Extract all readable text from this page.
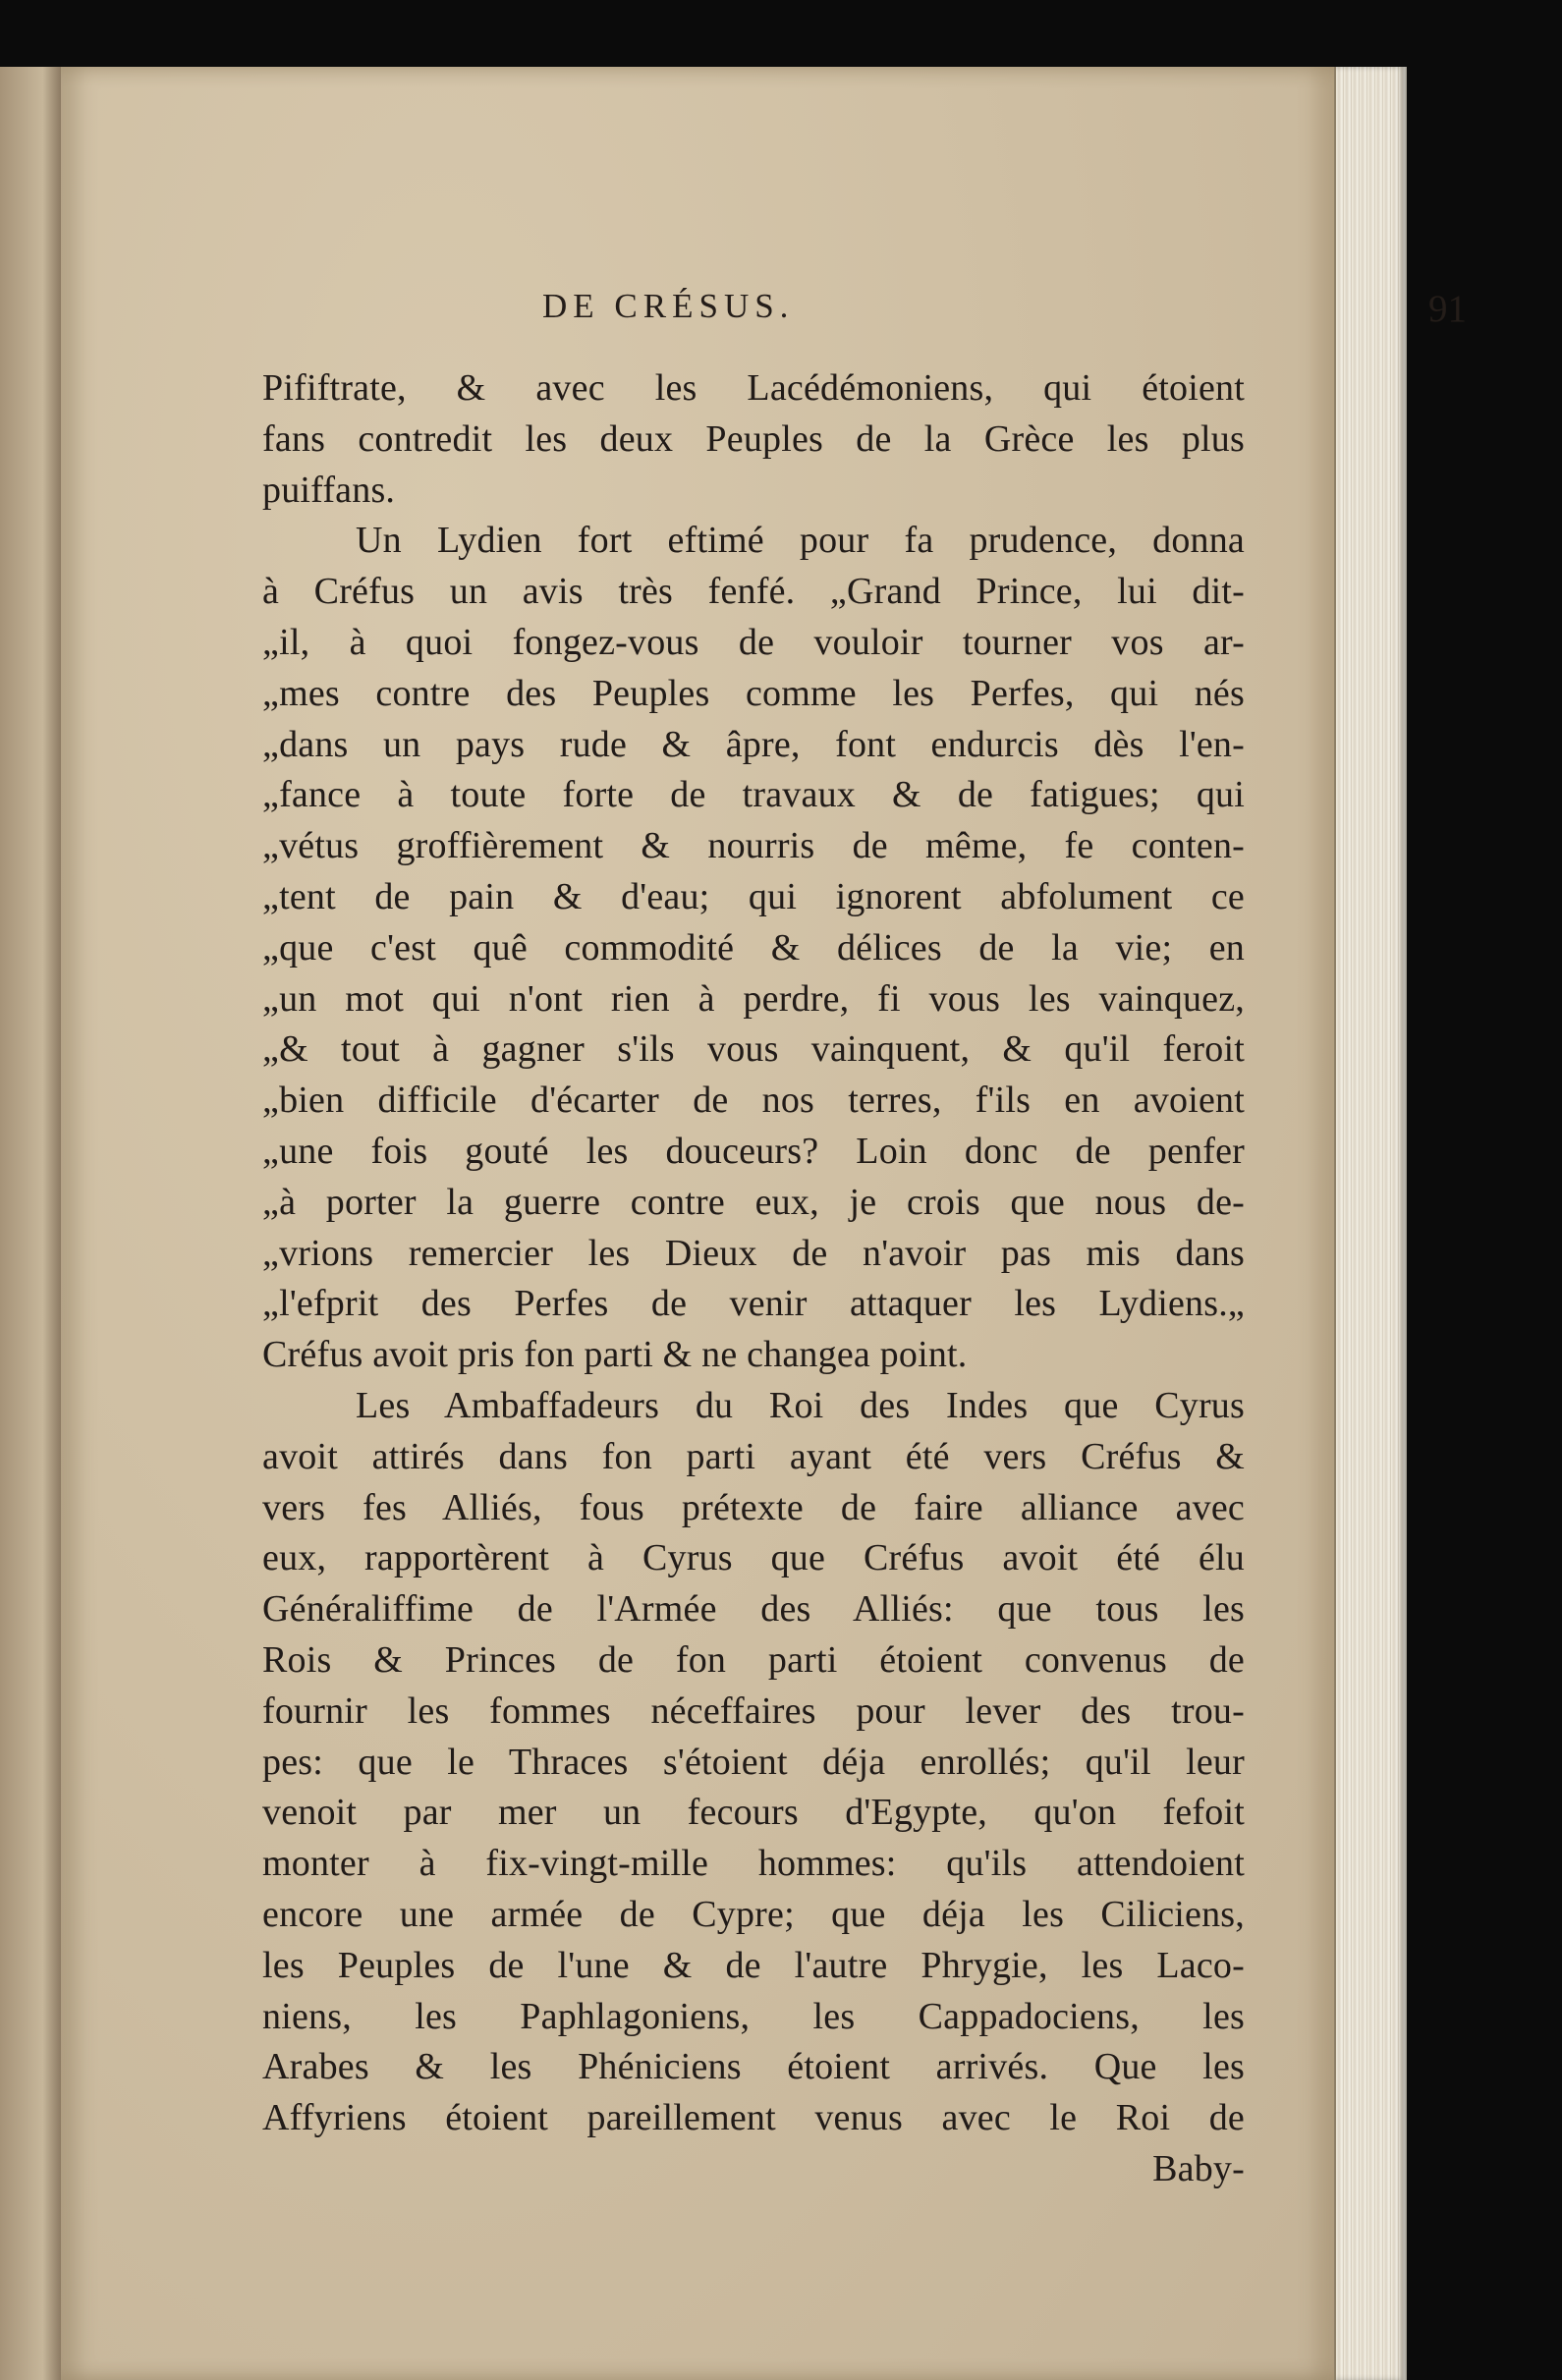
DE CRÉSUS.	91
Pififtrate, & avec les Lacédémoniens, qui étoient
fans contredit les deux Peuples de la Grèce les plus
puiffans.
Un Lydien fort eftimé pour fa prudence, donna
à Créfus un avis très fenfé. „Grand Prince, lui dit-
„il, à quoi fongez-vous de vouloir tourner vos ar-
„mes contre des Peuples comme les Perfes, qui nés
„dans un pays rude & âpre, font endurcis dès l'en-
„fance à toute forte de travaux & de fatigues; qui
„vétus groffièrement & nourris de même, fe conten-
„tent de pain & d'eau; qui ignorent abfolument ce
„que c'est quê commodité & délices de la vie; en
„un mot qui n'ont rien à perdre, fi vous les vainquez,
„& tout à gagner s'ils vous vainquent, & qu'il feroit
„bien difficile d'écarter de nos terres, f'ils en avoient
„une fois gouté les douceurs? Loin donc de penfer
„à porter la guerre contre eux, je crois que nous de-
„vrions remercier les Dieux de n'avoir pas mis dans
„l'efprit des Perfes de venir attaquer les Lydiens.„
Créfus avoit pris fon parti & ne changea point.
Les Ambaffadeurs du Roi des Indes que Cyrus
avoit attirés dans fon parti ayant été vers Créfus &
vers fes Alliés, fous prétexte de faire alliance avec
eux, rapportèrent à Cyrus que Créfus avoit été élu
Généraliffime de l'Armée des Alliés: que tous les
Rois & Princes de fon parti étoient convenus de
fournir les fommes néceffaires pour lever des trou-
pes: que le Thraces s'étoient déja enrollés; qu'il leur
venoit par mer un fecours d'Egypte, qu'on fefoit
monter à fix-vingt-mille hommes: qu'ils attendoient
encore une armée de Cypre; que déja les Ciliciens,
les Peuples de l'une & de l'autre Phrygie, les Laco-
niens, les Paphlagoniens, les Cappadociens, les
Arabes & les Phéniciens étoient arrivés. Que les
Affyriens étoient pareillement venus avec le Roi de
Baby-
